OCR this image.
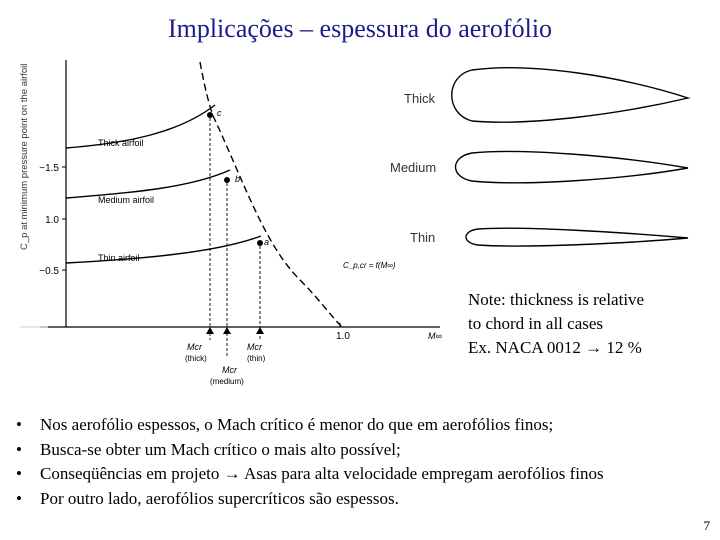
Implicações – espessura do aerofólio
−1.5
1.0
−0.5
C_p at minimum pressure point on the airfoil
1.0	M∞
c
b
a
Thick airfoil
Medium airfoil
Thin airfoil
C_p,cr = f(M∞)
Mcr
(thick)
Mcr
(thin)
Mcr
(medium)
Thick
Medium
Thin
Note: thickness is relative
to chord in all cases
Ex. NACA 0012 → 12 %
• Nos aerofólio espessos, o Mach crítico é menor do que em aerofólios finos;
• Busca-se obter um Mach crítico o mais alto possível;
• Conseqüências em projeto → Asas para alta velocidade empregam aerofólios finos
• Por outro lado, aerofólios supercríticos são espessos.
7
